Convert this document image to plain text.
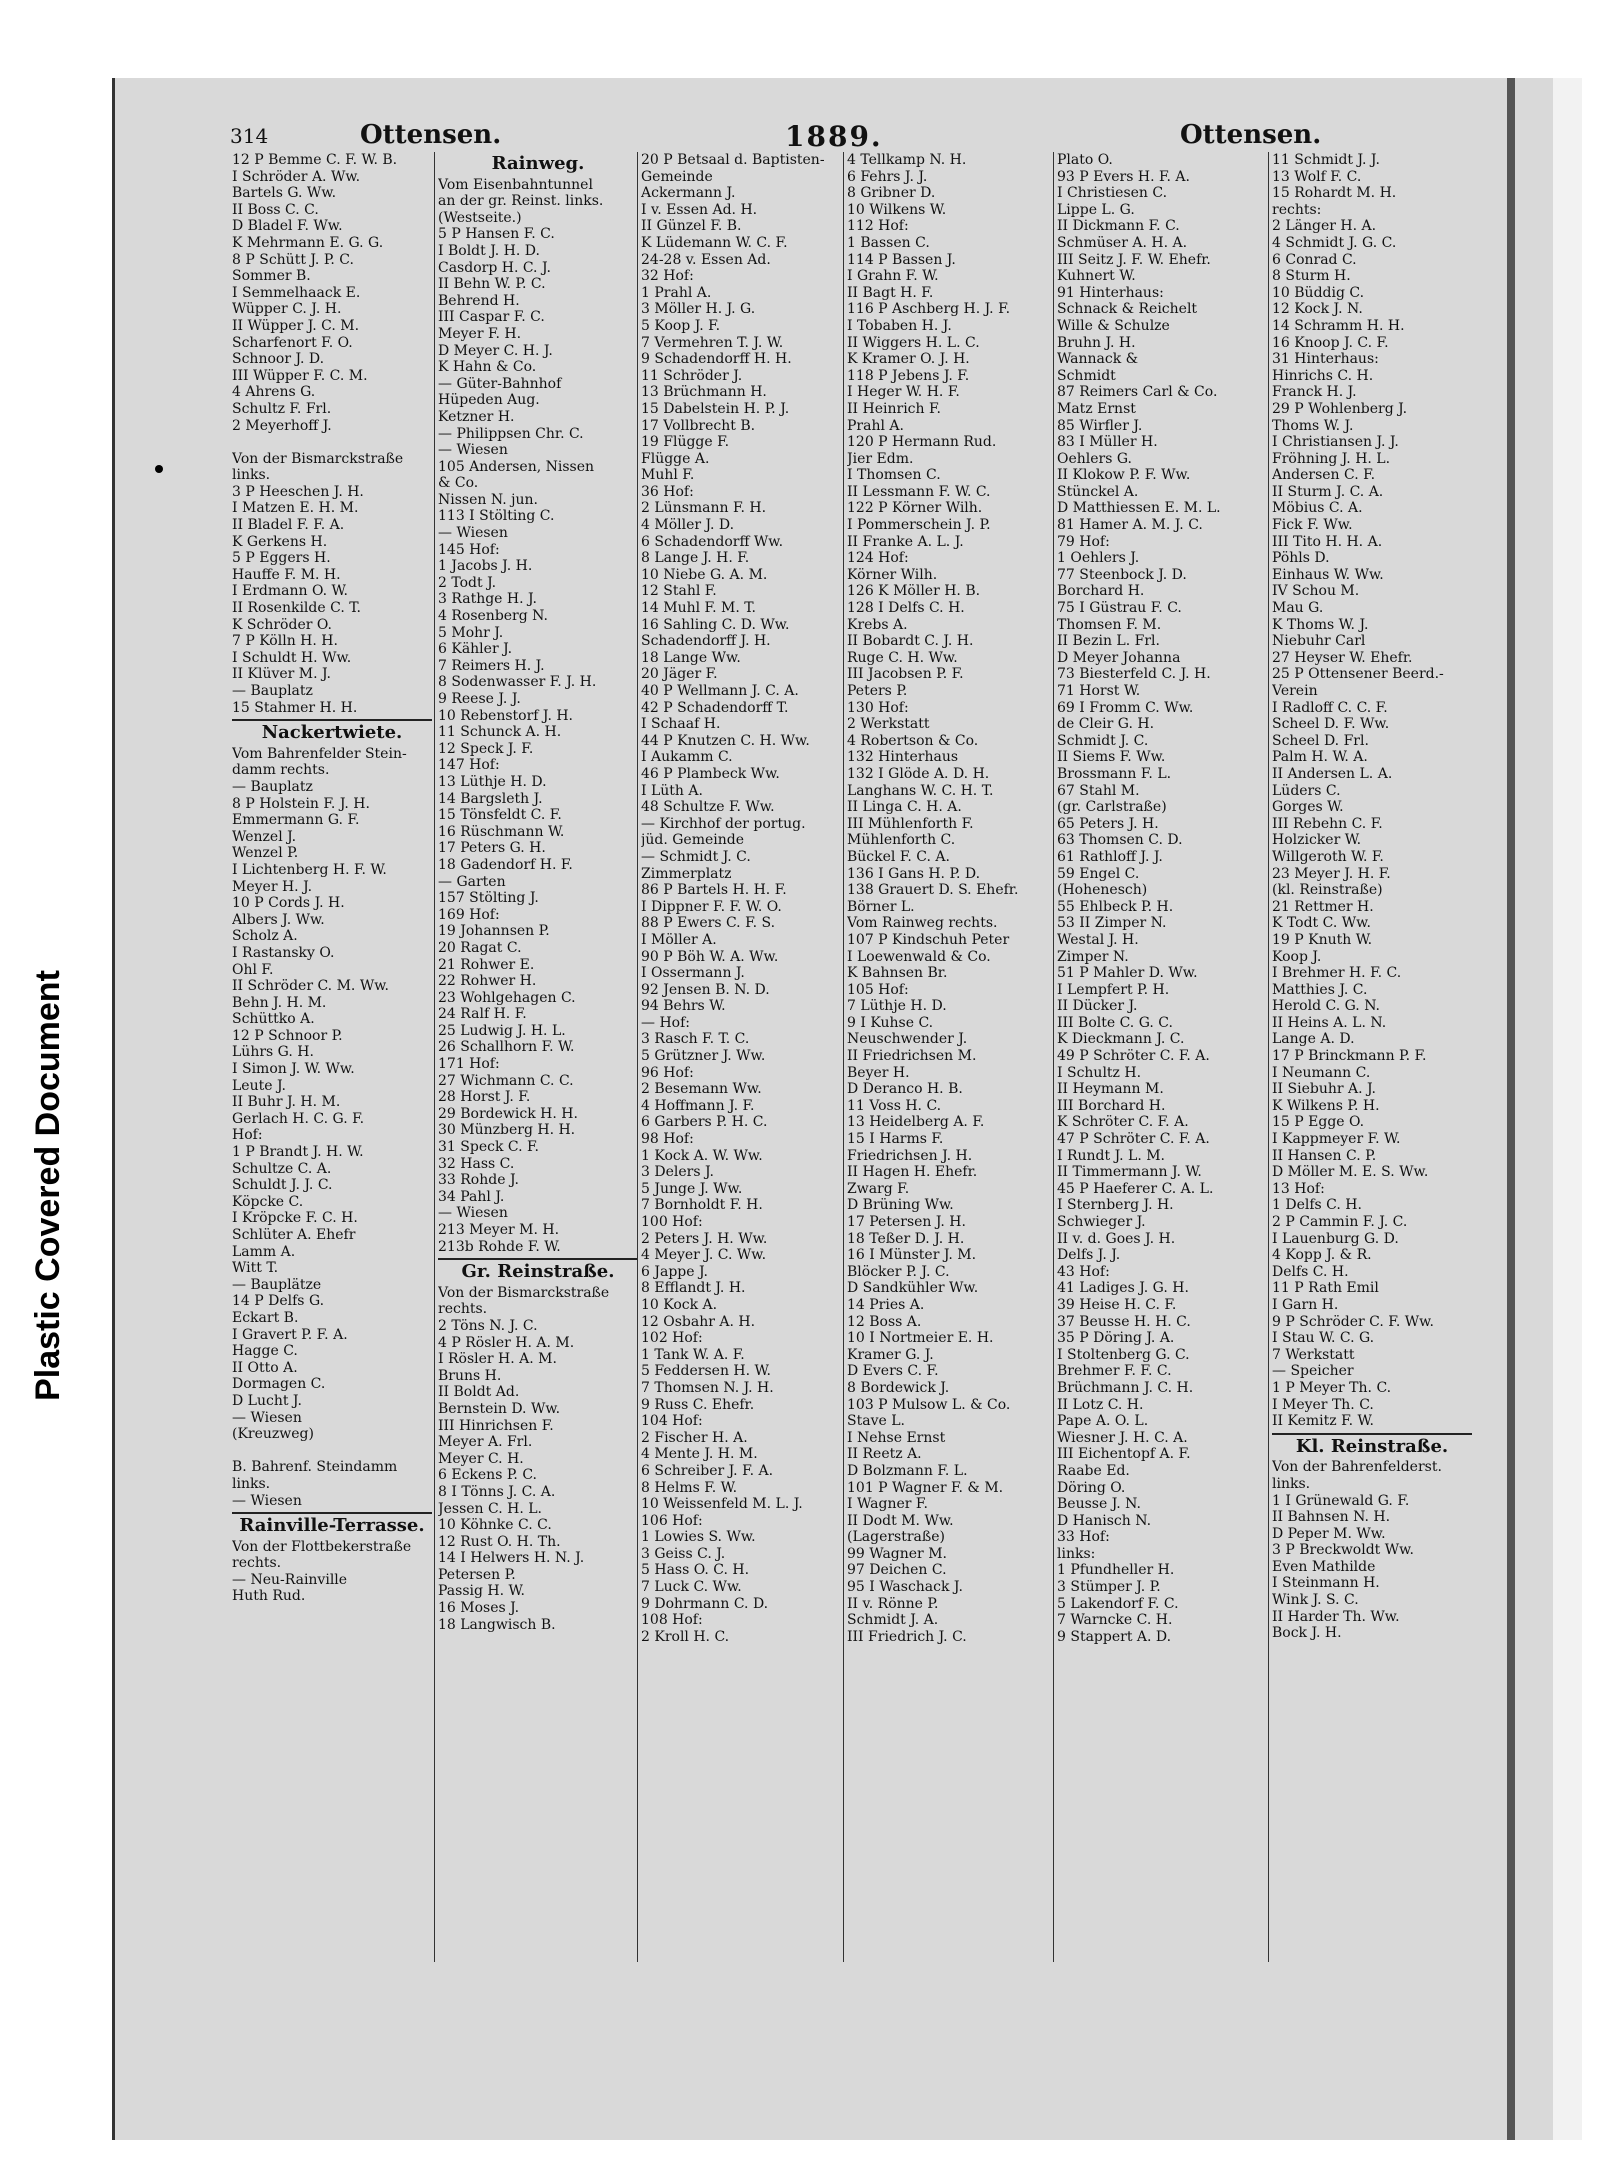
Plastic Covered Document
314	Ottensen.	1889.	Ottensen.
12 P Bemme C. F. W. B.
I Schröder A. Ww.
Bartels G. Ww.
II Boss C. C.
D Bladel F. Ww.
K Mehrmann E. G. G.
8 P Schütt J. P. C.
Sommer B.
I Semmelhaack E.
Wüpper C. J. H.
II Wüpper J. C. M.
Scharfenort F. O.
Schnoor J. D.
III Wüpper F. C. M.
4 Ahrens G.
Schultz F. Frl.
2 Meyerhoff J.

Von der Bismarckstraße
links.
3 P Heeschen J. H.
I Matzen E. H. M.
II Bladel F. F. A.
K Gerkens H.
5 P Eggers H.
Hauffe F. M. H.
I Erdmann O. W.
II Rosenkilde C. T.
K Schröder O.
7 P Kölln H. H.
I Schuldt H. Ww.
II Klüver M. J.
— Bauplatz
15 Stahmer H. H.
Nackertwiete.
Vom Bahrenfelder Stein-
damm rechts.
— Bauplatz
8 P Holstein F. J. H.
Emmermann G. F.
Wenzel J.
Wenzel P.
I Lichtenberg H. F. W.
Meyer H. J.
10 P Cords J. H.
Albers J. Ww.
Scholz A.
I Rastansky O.
Ohl F.
II Schröder C. M. Ww.
Behn J. H. M.
Schüttko A.
12 P Schnoor P.
Lührs G. H.
I Simon J. W. Ww.
Leute J.
II Buhr J. H. M.
Gerlach H. C. G. F.
Hof:
1 P Brandt J. H. W.
Schultze C. A.
Schuldt J. J. C.
Köpcke C.
I Kröpcke F. C. H.
Schlüter A. Ehefr
Lamm A.
Witt T.
— Bauplätze
14 P Delfs G.
Eckart B.
I Gravert P. F. A.
Hagge C.
II Otto A.
Dormagen C.
D Lucht J.
— Wiesen
(Kreuzweg)

B. Bahrenf. Steindamm
links.
— Wiesen
Rainville-Terrasse.
Von der Flottbekerstraße
rechts.
— Neu-Rainville
Huth Rud.
Rainweg.
Vom Eisenbahntunnel
an der gr. Reinst. links.
(Westseite.)
5 P Hansen F. C.
I Boldt J. H. D.
Casdorp H. C. J.
II Behn W. P. C.
Behrend H.
III Caspar F. C.
Meyer F. H.
D Meyer C. H. J.
K Hahn & Co.
— Güter-Bahnhof
Hüpeden Aug.
Ketzner H.
— Philippsen Chr. C.
— Wiesen
105 Andersen, Nissen
& Co.
Nissen N. jun.
113 I Stölting C.
— Wiesen
145 Hof:
1 Jacobs J. H.
2 Todt J.
3 Rathge H. J.
4 Rosenberg N.
5 Mohr J.
6 Kähler J.
7 Reimers H. J.
8 Sodenwasser F. J. H.
9 Reese J. J.
10 Rebenstorf J. H.
11 Schunck A. H.
12 Speck J. F.
147 Hof:
13 Lüthje H. D.
14 Bargsleth J.
15 Tönsfeldt C. F.
16 Rüschmann W.
17 Peters G. H.
18 Gadendorf H. F.
— Garten
157 Stölting J.
169 Hof:
19 Johannsen P.
20 Ragat C.
21 Rohwer E.
22 Rohwer H.
23 Wohlgehagen C.
24 Ralf H. F.
25 Ludwig J. H. L.
26 Schallhorn F. W.
171 Hof:
27 Wichmann C. C.
28 Horst J. F.
29 Bordewick H. H.
30 Münzberg H. H.
31 Speck C. F.
32 Hass C.
33 Rohde J.
34 Pahl J.
— Wiesen
213 Meyer M. H.
213b Rohde F. W.
Gr. Reinstraße.
Von der Bismarckstraße
rechts.
2 Töns N. J. C.
4 P Rösler H. A. M.
I Rösler H. A. M.
Bruns H.
II Boldt Ad.
Bernstein D. Ww.
III Hinrichsen F.
Meyer A. Frl.
Meyer C. H.
6 Eckens P. C.
8 I Tönns J. C. A.
Jessen C. H. L.
10 Köhnke C. C.
12 Rust O. H. Th.
14 I Helwers H. N. J.
Petersen P.
Passig H. W.
16 Moses J.
18 Langwisch B.
20 P Betsaal d. Baptisten-
Gemeinde
Ackermann J.
I v. Essen Ad. H.
II Günzel F. B.
K Lüdemann W. C. F.
24-28 v. Essen Ad.
32 Hof:
1 Prahl A.
3 Möller H. J. G.
5 Koop J. F.
7 Vermehren T. J. W.
9 Schadendorff H. H.
11 Schröder J.
13 Brüchmann H.
15 Dabelstein H. P. J.
17 Vollbrecht B.
19 Flügge F.
Flügge A.
Muhl F.
36 Hof:
2 Lünsmann F. H.
4 Möller J. D.
6 Schadendorff Ww.
8 Lange J. H. F.
10 Niebe G. A. M.
12 Stahl F.
14 Muhl F. M. T.
16 Sahling C. D. Ww.
Schadendorff J. H.
18 Lange Ww.
20 Jäger F.
40 P Wellmann J. C. A.
42 P Schadendorff T.
I Schaaf H.
44 P Knutzen C. H. Ww.
I Aukamm C.
46 P Plambeck Ww.
I Lüth A.
48 Schultze F. Ww.
— Kirchhof der portug.
jüd. Gemeinde
— Schmidt J. C.
Zimmerplatz
86 P Bartels H. H. F.
I Dippner F. F. W. O.
88 P Ewers C. F. S.
I Möller A.
90 P Böh W. A. Ww.
I Ossermann J.
92 Jensen B. N. D.
94 Behrs W.
— Hof:
3 Rasch F. T. C.
5 Grützner J. Ww.
96 Hof:
2 Besemann Ww.
4 Hoffmann J. F.
6 Garbers P. H. C.
98 Hof:
1 Kock A. W. Ww.
3 Delers J.
5 Junge J. Ww.
7 Bornholdt F. H.
100 Hof:
2 Peters J. H. Ww.
4 Meyer J. C. Ww.
6 Jappe J.
8 Efflandt J. H.
10 Kock A.
12 Osbahr A. H.
102 Hof:
1 Tank W. A. F.
5 Feddersen H. W.
7 Thomsen N. J. H.
9 Russ C. Ehefr.
104 Hof:
2 Fischer H. A.
4 Mente J. H. M.
6 Schreiber J. F. A.
8 Helms F. W.
10 Weissenfeld M. L. J.
106 Hof:
1 Lowies S. Ww.
3 Geiss C. J.
5 Hass O. C. H.
7 Luck C. Ww.
9 Dohrmann C. D.
108 Hof:
2 Kroll H. C.
4 Tellkamp N. H.
6 Fehrs J. J.
8 Gribner D.
10 Wilkens W.
112 Hof:
1 Bassen C.
114 P Bassen J.
I Grahn F. W.
II Bagt H. F.
116 P Aschberg H. J. F.
I Tobaben H. J.
II Wiggers H. L. C.
K Kramer O. J. H.
118 P Jebens J. F.
I Heger W. H. F.
II Heinrich F.
Prahl A.
120 P Hermann Rud.
Jier Edm.
I Thomsen C.
II Lessmann F. W. C.
122 P Körner Wilh.
I Pommerschein J. P.
II Franke A. L. J.
124 Hof:
Körner Wilh.
126 K Möller H. B.
128 I Delfs C. H.
Krebs A.
II Bobardt C. J. H.
Ruge C. H. Ww.
III Jacobsen P. F.
Peters P.
130 Hof:
2 Werkstatt
4 Robertson & Co.
132 Hinterhaus
132 I Glöde A. D. H.
Langhans W. C. H. T.
II Linga C. H. A.
III Mühlenforth F.
Mühlenforth C.
Bückel F. C. A.
136 I Gans H. P. D.
138 Grauert D. S. Ehefr.
Börner L.
Vom Rainweg rechts.
107 P Kindschuh Peter
I Loewenwald & Co.
K Bahnsen Br.
105 Hof:
7 Lüthje H. D.
9 I Kuhse C.
Neuschwender J.
II Friedrichsen M.
Beyer H.
D Deranco H. B.
11 Voss H. C.
13 Heidelberg A. F.
15 I Harms F.
Friedrichsen J. H.
II Hagen H. Ehefr.
Zwarg F.
D Brüning Ww.
17 Petersen J. H.
18 Teßer D. J. H.
16 I Münster J. M.
Blöcker P. J. C.
D Sandkühler Ww.
14 Pries A.
12 Boss A.
10 I Nortmeier E. H.
Kramer G. J.
D Evers C. F.
8 Bordewick J.
103 P Mulsow L. & Co.
Stave L.
I Nehse Ernst
II Reetz A.
D Bolzmann F. L.
101 P Wagner F. & M.
I Wagner F.
II Dodt M. Ww.
(Lagerstraße)
99 Wagner M.
97 Deichen C.
95 I Waschack J.
II v. Rönne P.
Schmidt J. A.
III Friedrich J. C.
Plato O.
93 P Evers H. F. A.
I Christiesen C.
Lippe L. G.
II Dickmann F. C.
Schmüser A. H. A.
III Seitz J. F. W. Ehefr.
Kuhnert W.
91 Hinterhaus:
Schnack & Reichelt
Wille & Schulze
Bruhn J. H.
Wannack &
Schmidt
87 Reimers Carl & Co.
Matz Ernst
85 Wirfler J.
83 I Müller H.
Oehlers G.
II Klokow P. F. Ww.
Stünckel A.
D Matthiessen E. M. L.
81 Hamer A. M. J. C.
79 Hof:
1 Oehlers J.
77 Steenbock J. D.
Borchard H.
75 I Güstrau F. C.
Thomsen F. M.
II Bezin L. Frl.
D Meyer Johanna
73 Biesterfeld C. J. H.
71 Horst W.
69 I Fromm C. Ww.
de Cleir G. H.
Schmidt J. C.
II Siems F. Ww.
Brossmann F. L.
67 Stahl M.
(gr. Carlstraße)
65 Peters J. H.
63 Thomsen C. D.
61 Rathloff J. J.
59 Engel C.
(Hohenesch)
55 Ehlbeck P. H.
53 II Zimper N.
Westal J. H.
Zimper N.
51 P Mahler D. Ww.
I Lempfert P. H.
II Dücker J.
III Bolte C. G. C.
K Dieckmann J. C.
49 P Schröter C. F. A.
I Schultz H.
II Heymann M.
III Borchard H.
K Schröter C. F. A.
47 P Schröter C. F. A.
I Rundt J. L. M.
II Timmermann J. W.
45 P Haeferer C. A. L.
I Sternberg J. H.
Schwieger J.
II v. d. Goes J. H.
Delfs J. J.
43 Hof:
41 Ladiges J. G. H.
39 Heise H. C. F.
37 Beusse H. H. C.
35 P Döring J. A.
I Stoltenberg G. C.
Brehmer F. F. C.
Brüchmann J. C. H.
II Lotz C. H.
Pape A. O. L.
Wiesner J. H. C. A.
III Eichentopf A. F.
Raabe Ed.
Döring O.
Beusse J. N.
D Hanisch N.
33 Hof:
links:
1 Pfundheller H.
3 Stümper J. P.
5 Lakendorf F. C.
7 Warncke C. H.
9 Stappert A. D.
11 Schmidt J. J.
13 Wolf F. C.
15 Rohardt M. H.
rechts:
2 Länger H. A.
4 Schmidt J. G. C.
6 Conrad C.
8 Sturm H.
10 Büddig C.
12 Kock J. N.
14 Schramm H. H.
16 Knoop J. C. F.
31 Hinterhaus:
Hinrichs C. H.
Franck H. J.
29 P Wohlenberg J.
Thoms W. J.
I Christiansen J. J.
Fröhning J. H. L.
Andersen C. F.
II Sturm J. C. A.
Möbius C. A.
Fick F. Ww.
III Tito H. H. A.
Pöhls D.
Einhaus W. Ww.
IV Schou M.
Mau G.
K Thoms W. J.
Niebuhr Carl
27 Heyser W. Ehefr.
25 P Ottensener Beerd.-
Verein
I Radloff C. C. F.
Scheel D. F. Ww.
Scheel D. Frl.
Palm H. W. A.
II Andersen L. A.
Lüders C.
Gorges W.
III Rebehn C. F.
Holzicker W.
Willgeroth W. F.
23 Meyer J. H. F.
(kl. Reinstraße)
21 Rettmer H.
K Todt C. Ww.
19 P Knuth W.
Koop J.
I Brehmer H. F. C.
Matthies J. C.
Herold C. G. N.
II Heins A. L. N.
Lange A. D.
17 P Brinckmann P. F.
I Neumann C.
II Siebuhr A. J.
K Wilkens P. H.
15 P Egge O.
I Kappmeyer F. W.
II Hansen C. P.
D Möller M. E. S. Ww.
13 Hof:
1 Delfs C. H.
2 P Cammin F. J. C.
I Lauenburg G. D.
4 Kopp J. & R.
Delfs C. H.
11 P Rath Emil
I Garn H.
9 P Schröder C. F. Ww.
I Stau W. C. G.
7 Werkstatt
— Speicher
1 P Meyer Th. C.
I Meyer Th. C.
II Kemitz F. W.
Kl. Reinstraße.
Von der Bahrenfelderst.
links.
1 I Grünewald G. F.
II Bahnsen N. H.
D Peper M. Ww.
3 P Breckwoldt Ww.
Even Mathilde
I Steinmann H.
Wink J. S. C.
II Harder Th. Ww.
Bock J. H.
